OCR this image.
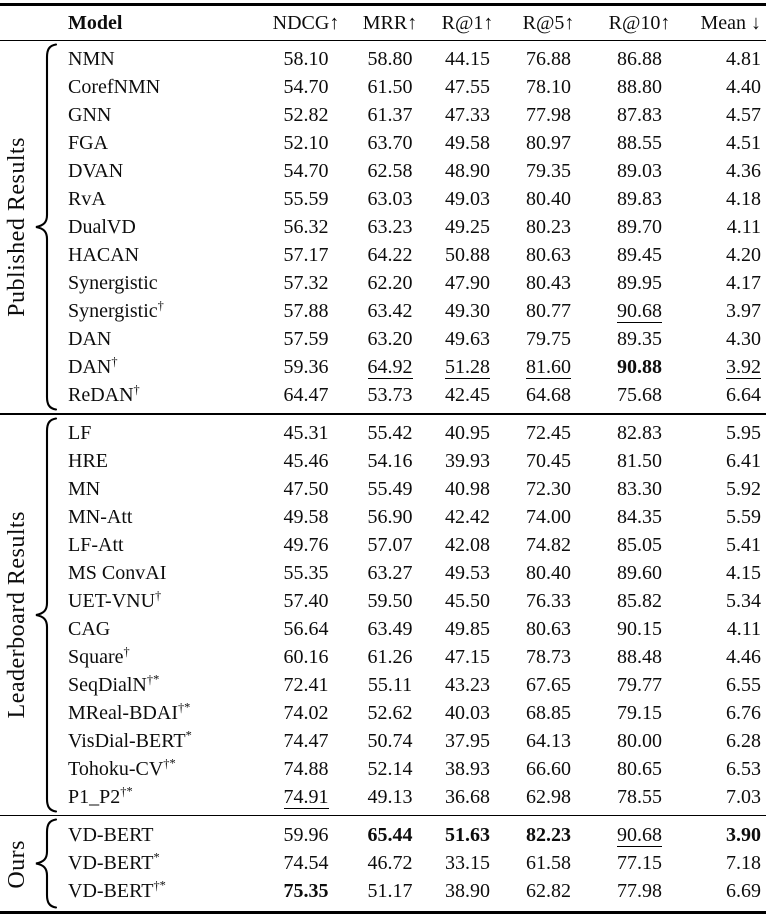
Model	NDCG↑	MRR↑	R@1↑	R@5↑	R@10↑	Mean ↓
Published Results
NMN	58.10	58.80	44.15	76.88	86.88	4.81
CorefNMN	54.70	61.50	47.55	78.10	88.80	4.40
GNN	52.82	61.37	47.33	77.98	87.83	4.57
FGA	52.10	63.70	49.58	80.97	88.55	4.51
DVAN	54.70	62.58	48.90	79.35	89.03	4.36
RvA	55.59	63.03	49.03	80.40	89.83	4.18
DualVD	56.32	63.23	49.25	80.23	89.70	4.11
HACAN	57.17	64.22	50.88	80.63	89.45	4.20
Synergistic	57.32	62.20	47.90	80.43	89.95	4.17
Synergistic†	57.88	63.42	49.30	80.77	90.68	3.97
DAN	57.59	63.20	49.63	79.75	89.35	4.30
DAN†	59.36	64.92	51.28	81.60	90.88	3.92
ReDAN†	64.47	53.73	42.45	64.68	75.68	6.64
Leaderboard Results
LF	45.31	55.42	40.95	72.45	82.83	5.95
HRE	45.46	54.16	39.93	70.45	81.50	6.41
MN	47.50	55.49	40.98	72.30	83.30	5.92
MN-Att	49.58	56.90	42.42	74.00	84.35	5.59
LF-Att	49.76	57.07	42.08	74.82	85.05	5.41
MS ConvAI	55.35	63.27	49.53	80.40	89.60	4.15
UET-VNU†	57.40	59.50	45.50	76.33	85.82	5.34
CAG	56.64	63.49	49.85	80.63	90.15	4.11
Square†	60.16	61.26	47.15	78.73	88.48	4.46
SeqDialN†*	72.41	55.11	43.23	67.65	79.77	6.55
MReal-BDAI†*	74.02	52.62	40.03	68.85	79.15	6.76
VisDial-BERT*	74.47	50.74	37.95	64.13	80.00	6.28
Tohoku-CV†*	74.88	52.14	38.93	66.60	80.65	6.53
P1_P2†*	74.91	49.13	36.68	62.98	78.55	7.03
Ours
VD-BERT	59.96	65.44	51.63	82.23	90.68	3.90
VD-BERT*	74.54	46.72	33.15	61.58	77.15	7.18
VD-BERT†*	75.35	51.17	38.90	62.82	77.98	6.69
